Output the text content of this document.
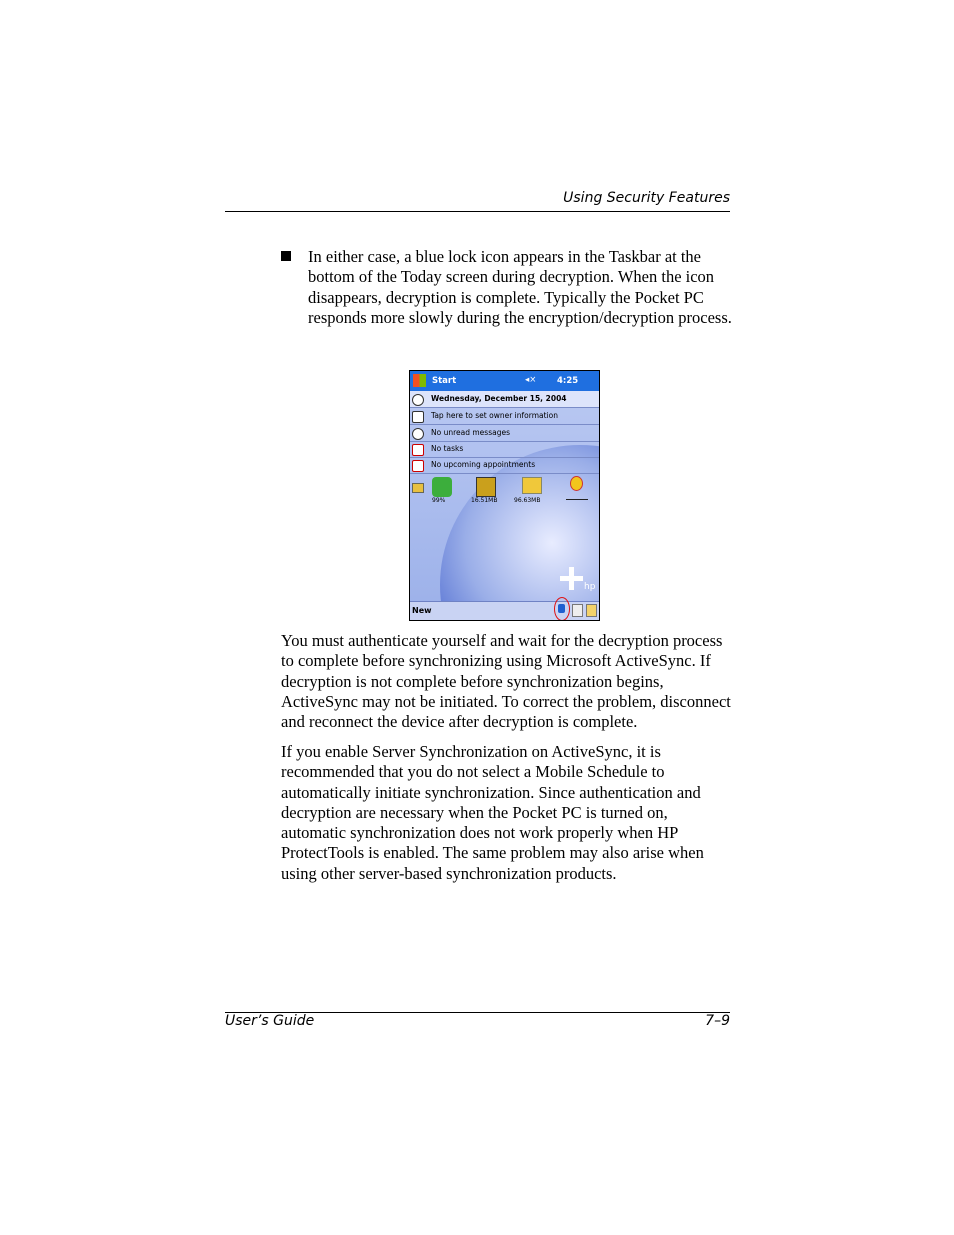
Using Security Features
In either case, a blue lock icon appears in the Taskbar at the bottom of the Today screen during decryption. When the icon disappears, decryption is complete. Typically the Pocket PC responds more slowly during the encryption/decryption process.
Start	◂× 4:25
Wednesday, December 15, 2004
Tap here to set owner information
No unread messages
No tasks
No upcoming appointments
99%	16.51MB	96.63MB
hp
New
You must authenticate yourself and wait for the decryption process to complete before synchronizing using Microsoft ActiveSync. If decryption is not complete before synchronization begins, ActiveSync may not be initiated. To correct the problem, disconnect and reconnect the device after decryption is complete.
If you enable Server Synchronization on ActiveSync, it is recommended that you do not select a Mobile Schedule to automatically initiate synchronization. Since authentication and decryption are necessary when the Pocket PC is turned on, automatic synchronization does not work properly when HP ProtectTools is enabled. The same problem may also arise when using other server-based synchronization products.
User’s Guide	7–9
